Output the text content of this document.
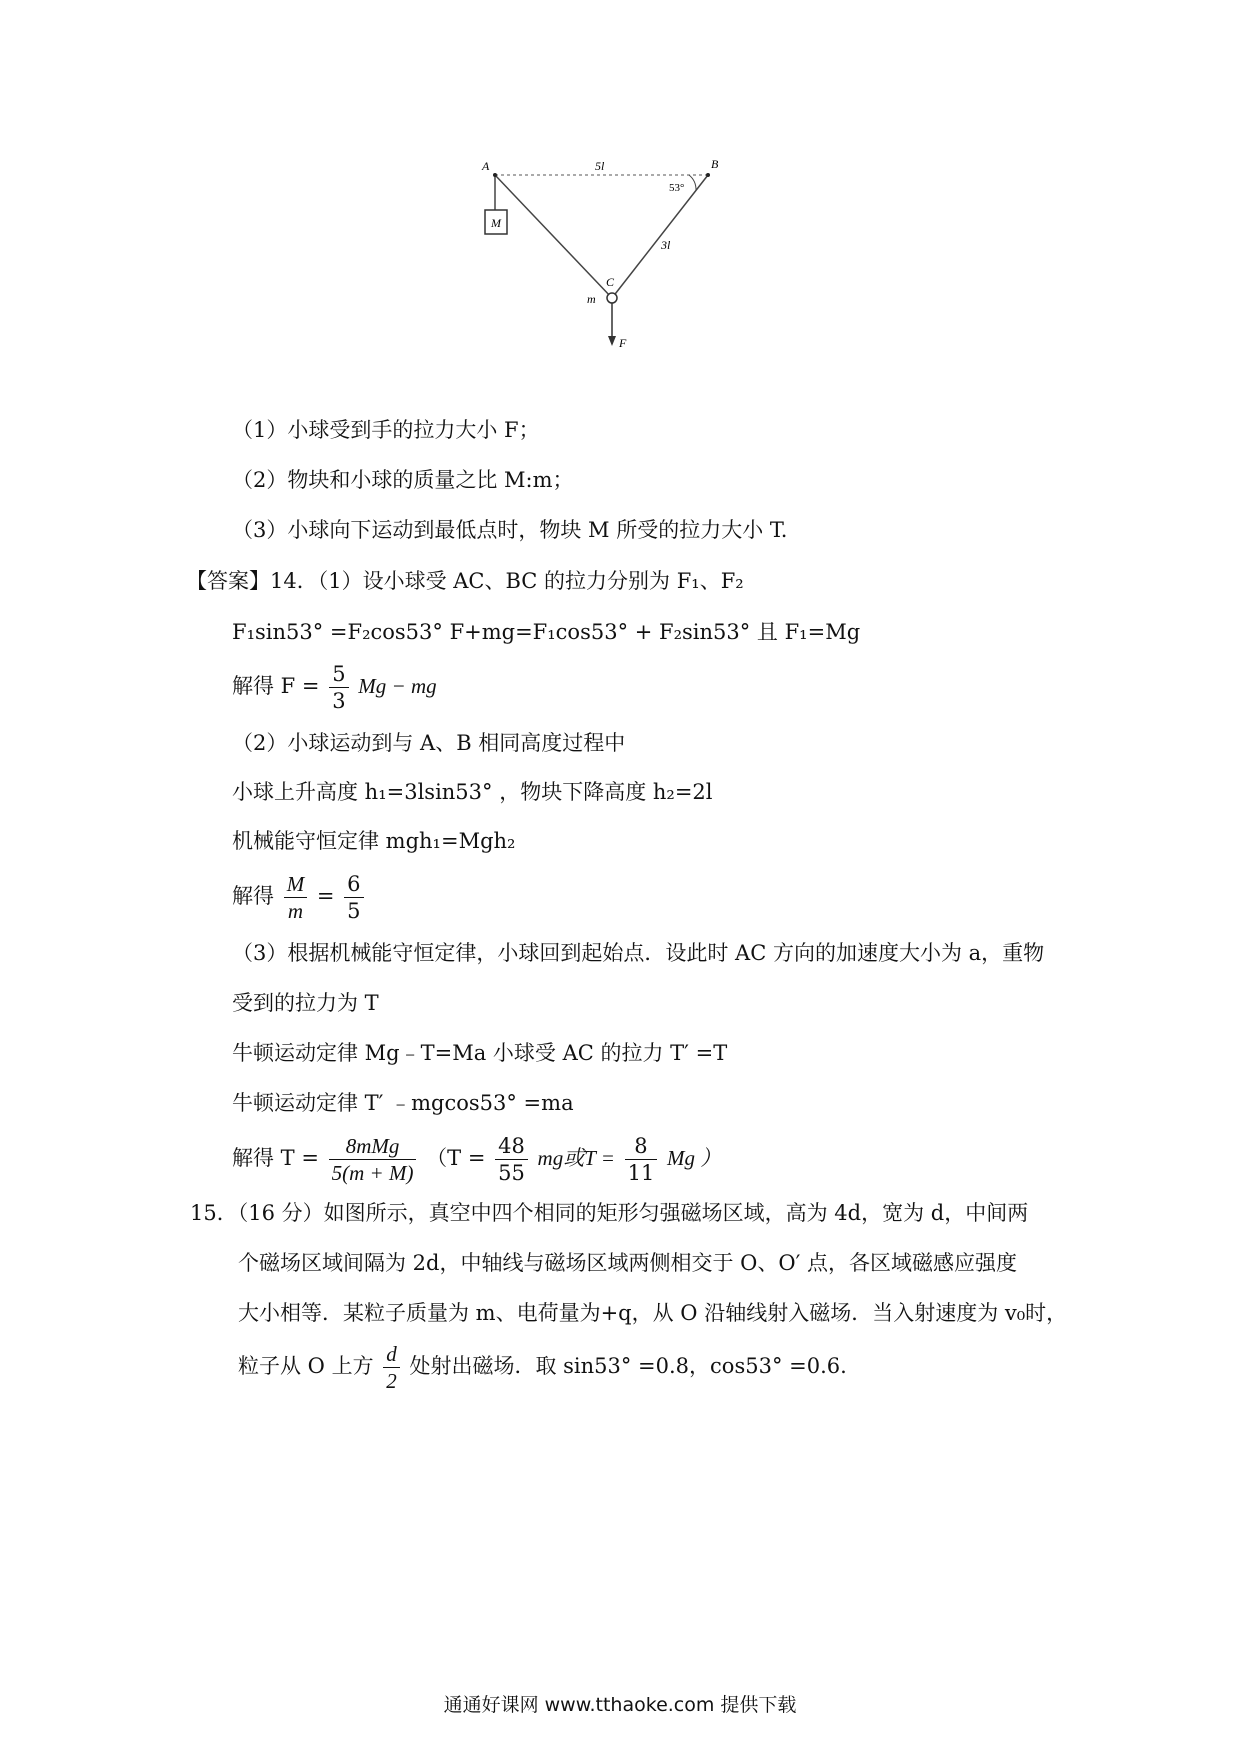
M
A	B
5l
53°
3l
C
m
F
（1）小球受到手的拉力大小 F；
（2）物块和小球的质量之比 M:m；
（3）小球向下运动到最低点时，物块 M 所受的拉力大小 T.
【答案】14．（1）设小球受 AC、BC 的拉力分别为 F₁、F₂
F₁sin53° =F₂cos53° F+mg=F₁cos53° + F₂sin53° 且 F₁=Mg
解得 $F = \frac{5}{3}$ Mg − mg
（2）小球运动到与 A、B 相同高度过程中
小球上升高度 h₁=3lsin53° ，物块下降高度 h₂=2l
机械能守恒定律 mgh₁=Mgh₂
解得 $\frac{M}{m} = \frac{6}{5}$
（3）根据机械能守恒定律，小球回到起始点．设此时 AC 方向的加速度大小为 a，重物
受到的拉力为 T
牛顿运动定律 Mg﹣T=Ma 小球受 AC 的拉力 T′ =T
牛顿运动定律 T′ ﹣mgcos53° =ma
解得 $T = \frac{\text{8mMg}}{5(m + M)} (T = \frac{48}{55}$ mg或$T = \frac{8}{11}$ Mg ）
15．（16 分）如图所示，真空中四个相同的矩形匀强磁场区域，高为 4d，宽为 d，中间两
个磁场区域间隔为 2d，中轴线与磁场区域两侧相交于 O、O′ 点，各区域磁感应强度
大小相等．某粒子质量为 m、电荷量为+q，从 O 沿轴线射入磁场．当入射速度为 v₀时，
粒子从 O 上方 $\frac{d}{2}$ 处射出磁场．取 sin53° =0.8，cos53° =0.6.
通通好课网 www.tthaoke.com 提供下载
